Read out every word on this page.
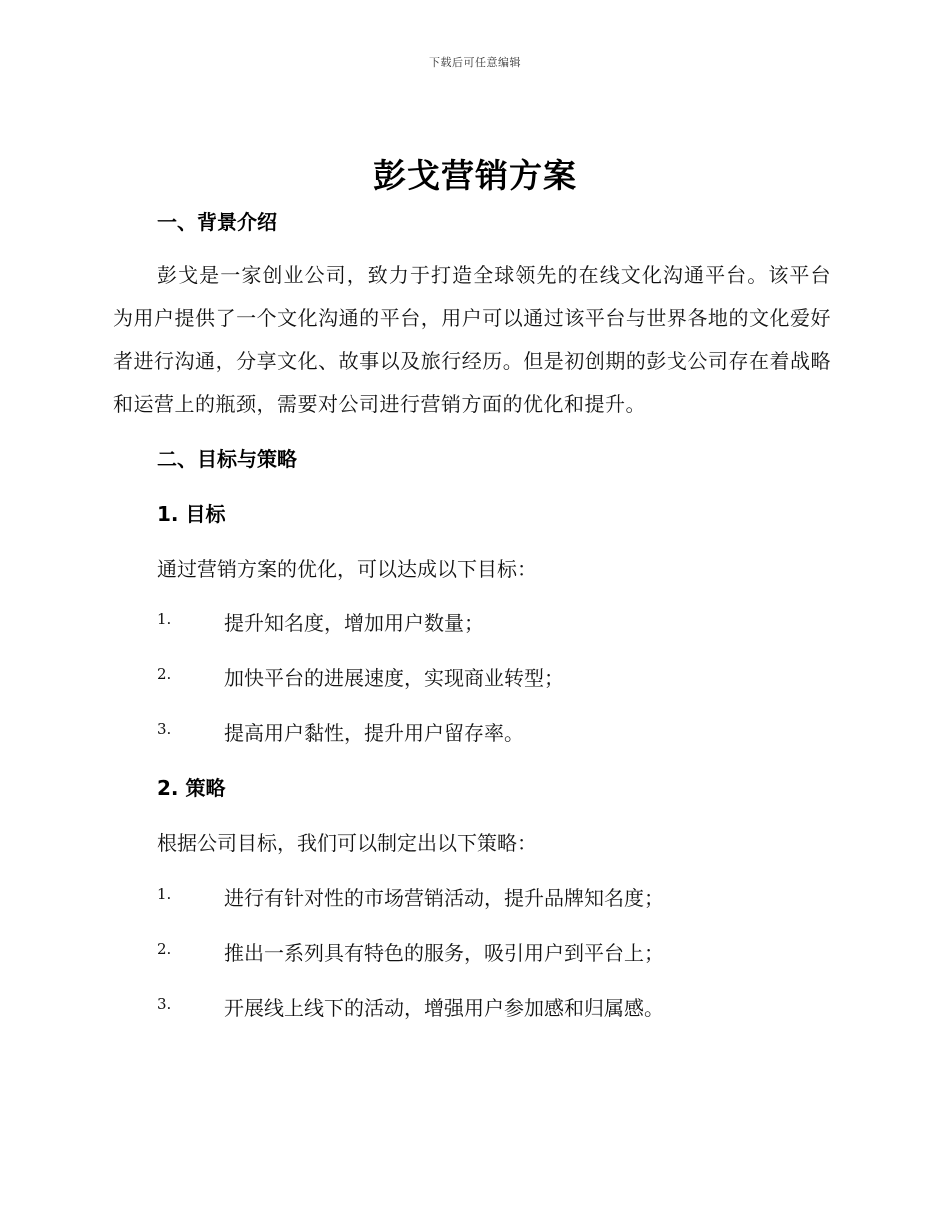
下载后可任意编辑
彭戈营销方案
一、背景介绍
彭戈是一家创业公司，致力于打造全球领先的在线文化沟通平台。该平台为用户提供了一个文化沟通的平台，用户可以通过该平台与世界各地的文化爱好者进行沟通，分享文化、故事以及旅行经历。但是初创期的彭戈公司存在着战略和运营上的瓶颈，需要对公司进行营销方面的优化和提升。
二、目标与策略
1. 目标
通过营销方案的优化，可以达成以下目标：
1.	提升知名度，增加用户数量；
2.	加快平台的进展速度，实现商业转型；
3.	提高用户黏性，提升用户留存率。
2. 策略
根据公司目标，我们可以制定出以下策略：
1.	进行有针对性的市场营销活动，提升品牌知名度；
2.	推出一系列具有特色的服务，吸引用户到平台上；
3.	开展线上线下的活动，增强用户参加感和归属感。
